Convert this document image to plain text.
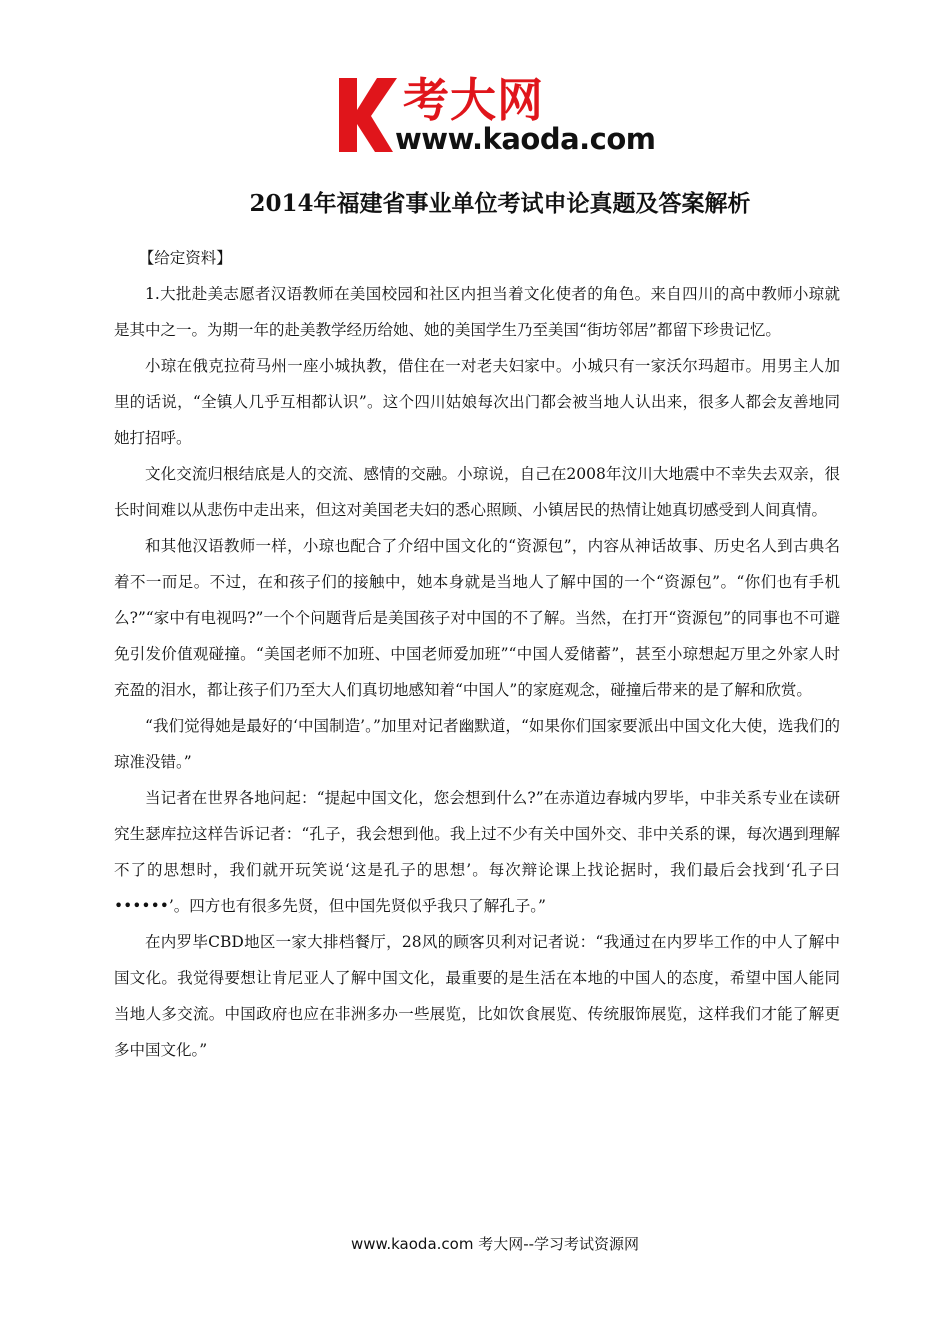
考大网
www.kaoda.com
2014年福建省事业单位考试申论真题及答案解析

【给定资料】

1.大批赴美志愿者汉语教师在美国校园和社区内担当着文化使者的角色。来自四川的高中教师小琼就是其中之一。为期一年的赴美教学经历给她、她的美国学生乃至美国“街坊邻居”都留下珍贵记忆。

小琼在俄克拉荷马州一座小城执教，借住在一对老夫妇家中。小城只有一家沃尔玛超市。用男主人加里的话说，“全镇人几乎互相都认识”。这个四川姑娘每次出门都会被当地人认出来，很多人都会友善地同她打招呼。

文化交流归根结底是人的交流、感情的交融。小琼说，自己在2008年汶川大地震中不幸失去双亲，很长时间难以从悲伤中走出来，但这对美国老夫妇的悉心照顾、小镇居民的热情让她真切感受到人间真情。

和其他汉语教师一样，小琼也配合了介绍中国文化的“资源包”，内容从神话故事、历史名人到古典名着不一而足。不过，在和孩子们的接触中，她本身就是当地人了解中国的一个“资源包”。“你们也有手机么?”“家中有电视吗?”一个个问题背后是美国孩子对中国的不了解。当然，在打开“资源包”的同事也不可避免引发价值观碰撞。“美国老师不加班、中国老师爱加班”“中国人爱储蓄”，甚至小琼想起万里之外家人时充盈的泪水，都让孩子们乃至大人们真切地感知着“中国人”的家庭观念，碰撞后带来的是了解和欣赏。

“我们觉得她是最好的‘中国制造’。”加里对记者幽默道，“如果你们国家要派出中国文化大使，选我们的琼准没错。”

当记者在世界各地问起：“提起中国文化，您会想到什么?”在赤道边春城内罗毕，中非关系专业在读研究生瑟库拉这样告诉记者：“孔子，我会想到他。我上过不少有关中国外交、非中关系的课，每次遇到理解不了的思想时，我们就开玩笑说‘这是孔子的思想’。每次辩论课上找论据时，我们最后会找到‘孔子曰••••••’。四方也有很多先贤，但中国先贤似乎我只了解孔子。”

在内罗毕CBD地区一家大排档餐厅，28风的顾客贝利对记者说：“我通过在内罗毕工作的中人了解中国文化。我觉得要想让肯尼亚人了解中国文化，最重要的是生活在本地的中国人的态度，希望中国人能同当地人多交流。中国政府也应在非洲多办一些展览，比如饮食展览、传统服饰展览，这样我们才能了解更多中国文化。”

www.kaoda.com 考大网--学习考试资源网
